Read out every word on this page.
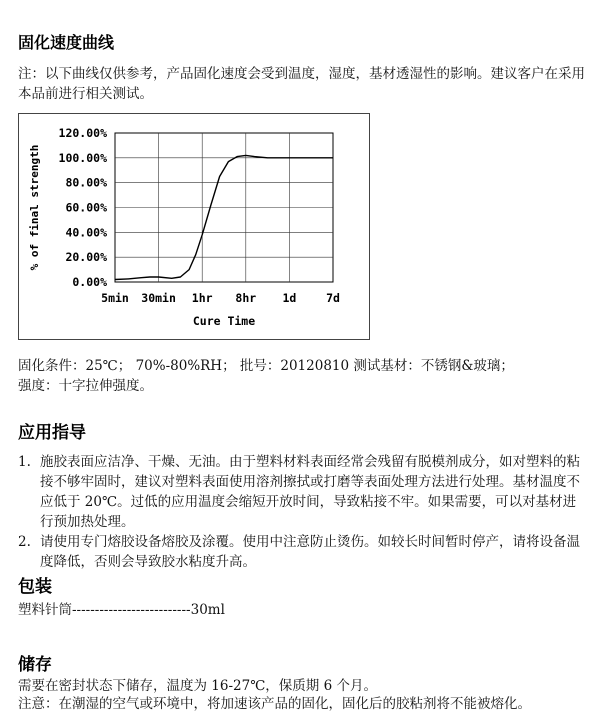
固化速度曲线

注：以下曲线仅供参考，产品固化速度会受到温度，湿度，基材透湿性的影响。建议客户在采用本品前进行相关测试。

120.00%
100.00%
80.00%
60.00%
40.00%
20.00%
0.00%
5min 30min 1hr 8hr 1d	7d
Cure Time
% of final strength

固化条件：25℃； 70%-80%RH； 批号：20120810 测试基材：不锈钢&玻璃；

强度：十字拉伸强度。

应用指导
1. 施胶表面应洁净、干燥、无油。由于塑料材料表面经常会残留有脱模剂成分，如对塑料的粘接不够牢固时，建议对塑料表面使用溶剂擦拭或打磨等表面处理方法进行处理。基材温度不应低于 20℃。过低的应用温度会缩短开放时间，导致粘接不牢。如果需要，可以对基材进行预加热处理。
2. 请使用专门熔胶设备熔胶及涂覆。使用中注意防止烫伤。如较长时间暂时停产，请将设备温度降低，否则会导致胶水粘度升高。
包装

塑料针筒--------------------------30ml

储存

需要在密封状态下储存，温度为 16-27℃，保质期 6 个月。

注意：在潮湿的空气或环境中，将加速该产品的固化，固化后的胶粘剂将不能被熔化。
